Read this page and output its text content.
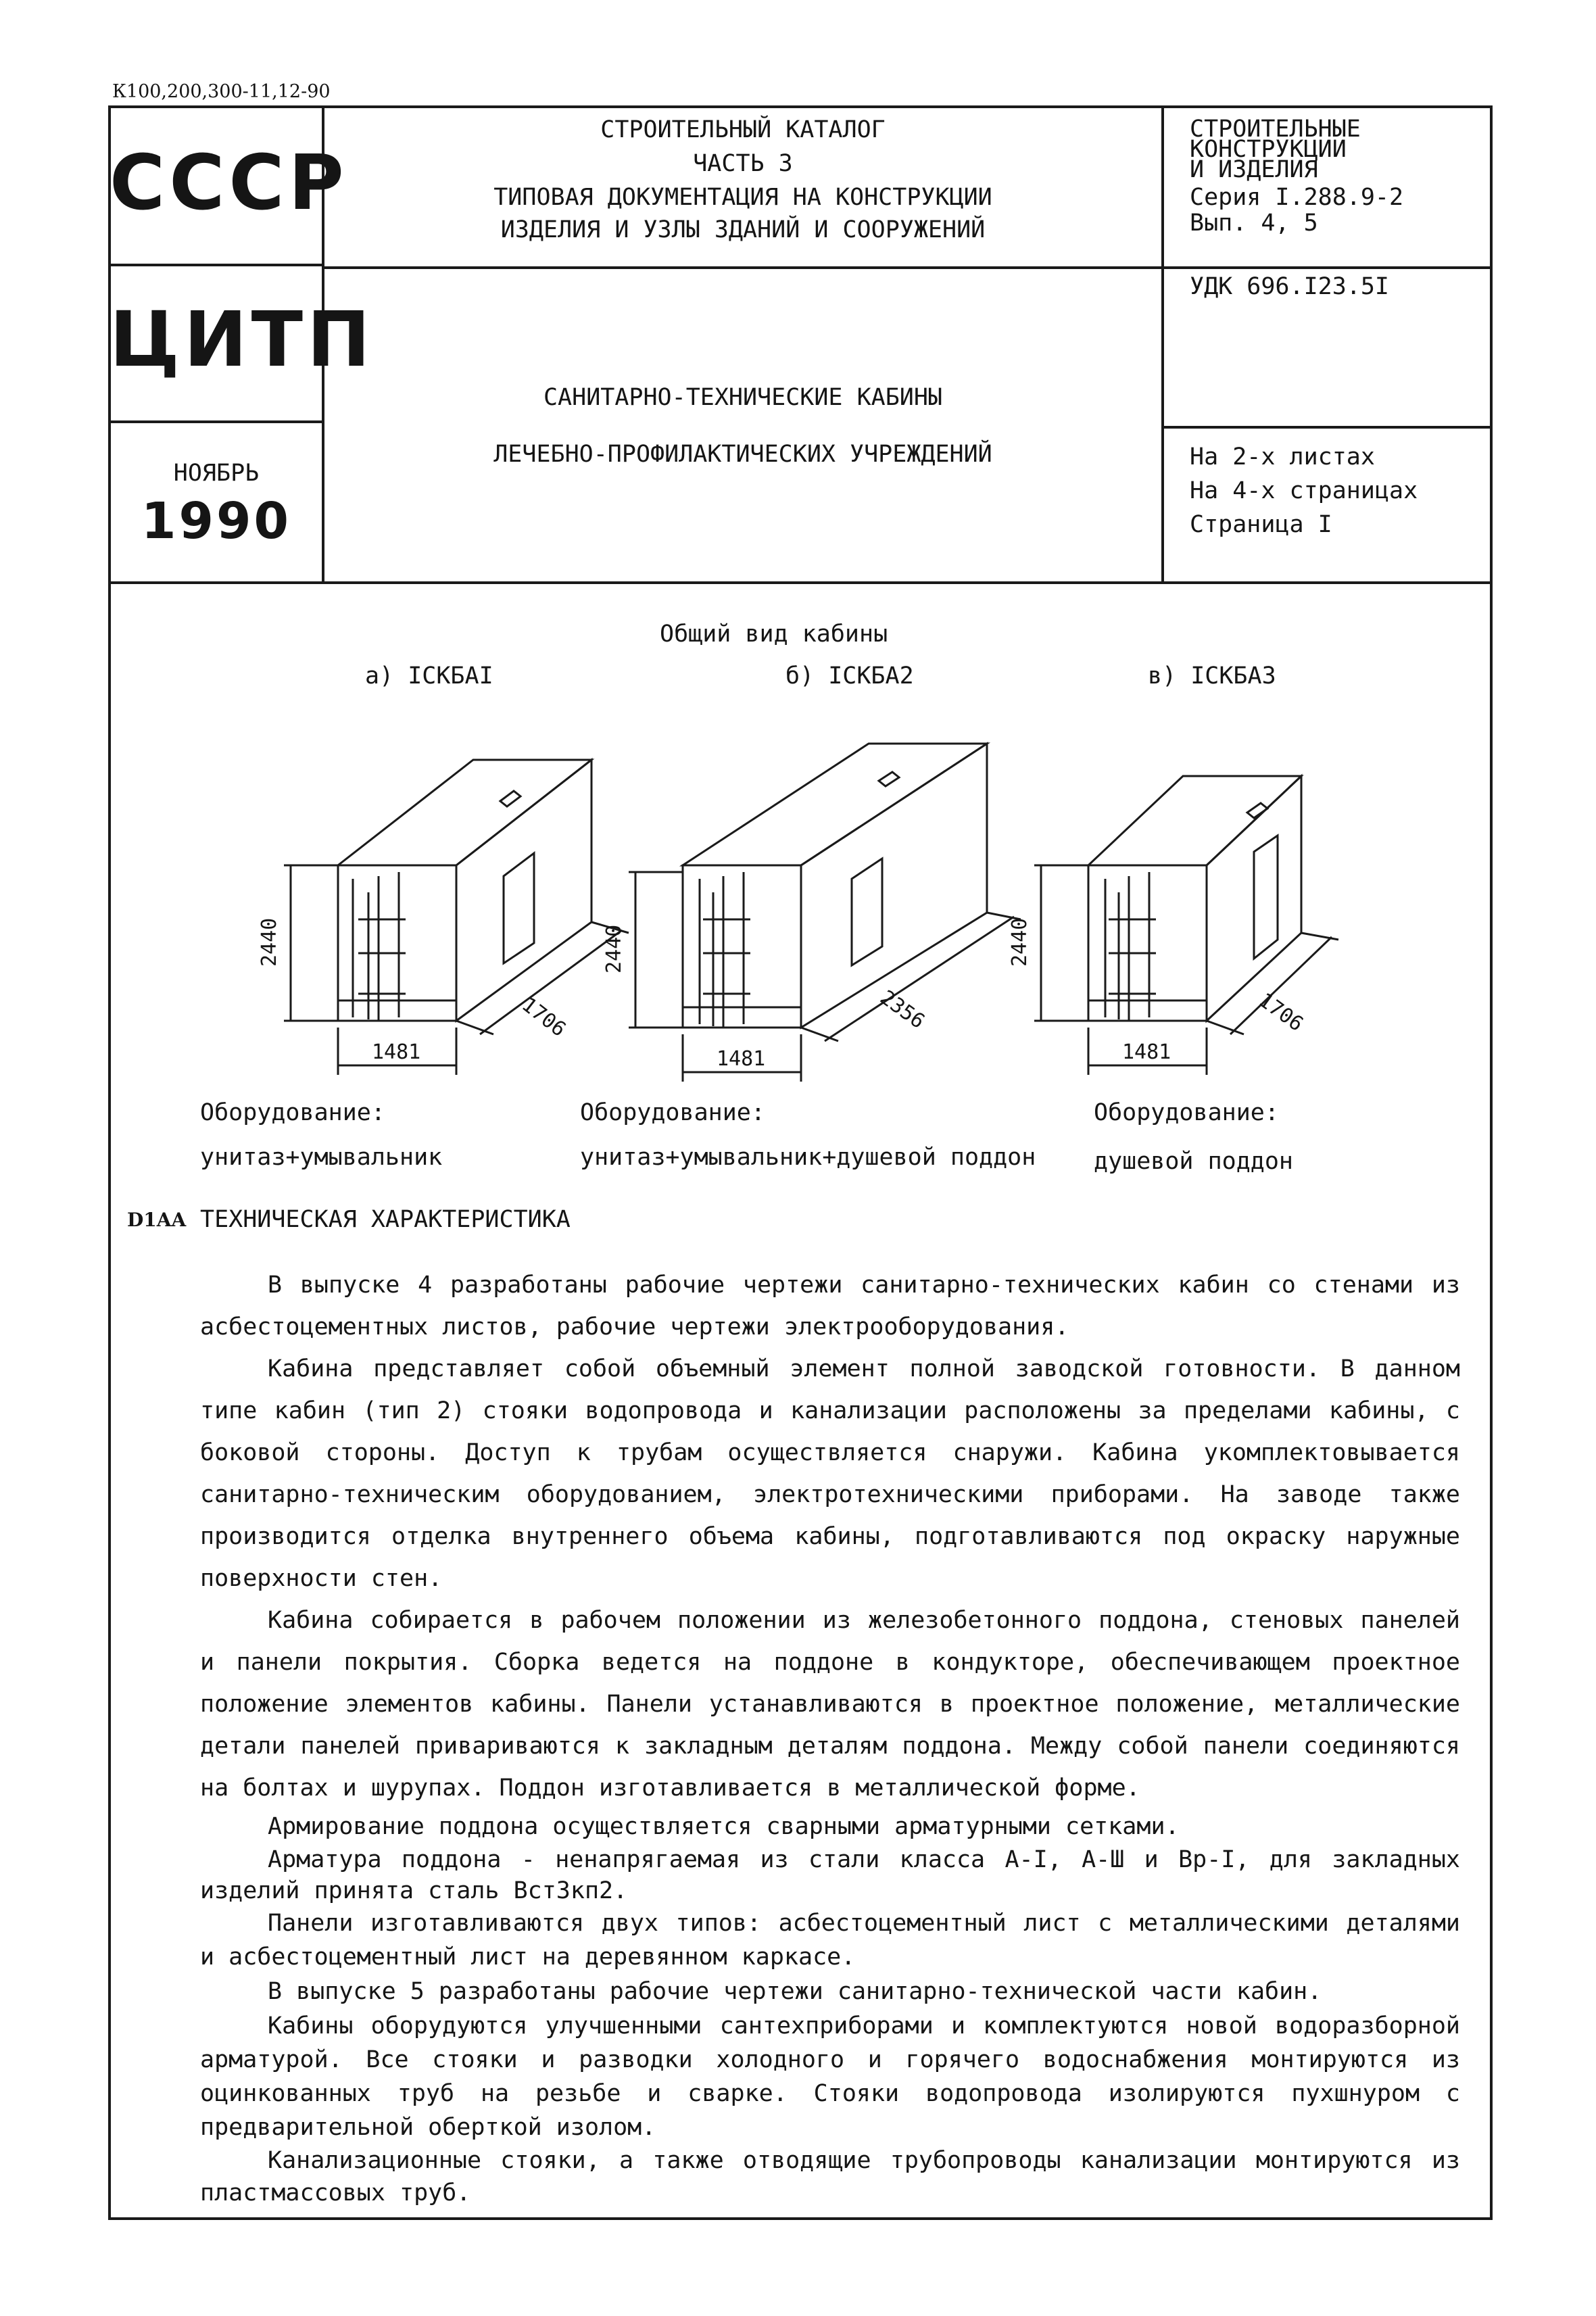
К100,200,300-11,12-90
СССР
ЦИТП
НОЯБРЬ
1990
СТРОИТЕЛЬНЫЙ КАТАЛОГ
ЧАСТЬ 3
ТИПОВАЯ ДОКУМЕНТАЦИЯ НА КОНСТРУКЦИИ
ИЗДЕЛИЯ И УЗЛЫ ЗДАНИЙ И СООРУЖЕНИЙ
САНИТАРНО-ТЕХНИЧЕСКИЕ КАБИНЫ
ЛЕЧЕБНО-ПРОФИЛАКТИЧЕСКИХ УЧРЕЖДЕНИЙ
СТРОИТЕЛЬНЫЕ
КОНСТРУКЦИИ
И ИЗДЕЛИЯ
Серия I.288.9-2
Вып. 4, 5
УДК 696.I23.5I
На 2-х листах
На 4-х страницах
Страница I
Общий вид кабины
а) ICKБAI	б) ICKБA2	в) ICKБA3
2440
1481
1706
2440
1481
2356
2440
1481
1706
Оборудование:
унитаз+умывальник
Оборудование:
унитаз+умывальник+душевой поддон
Оборудование:
душевой поддон
D1AA ТЕХНИЧЕСКАЯ ХАРАКТЕРИСТИКА

В выпуске 4 разработаны рабочие чертежи санитарно-технических кабин со стенами из асбестоцементных листов, рабочие чертежи электрооборудования.

Кабина представляет собой объемный элемент полной заводской готовности. В данном типе кабин (тип 2) стояки водопровода и канализации расположены за пределами кабины, с боковой стороны. Доступ к трубам осуществляется снаружи. Кабина укомплектовывается санитарно-техническим оборудованием, электротехническими приборами. На заводе также производится отделка внутреннего объема кабины, подготавливаются под окраску наружные поверхности стен.

Кабина собирается в рабочем положении из железобетонного поддона, стеновых панелей и панели покрытия. Сборка ведется на поддоне в кондукторе, обеспечивающем проектное положение элементов кабины. Панели устанавливаются в проектное положение, металлические детали панелей привариваются к закладным деталям поддона. Между собой панели соединяются на болтах и шурупах. Поддон изготавливается в металлической форме.

Армирование поддона осуществляется сварными арматурными сетками.

Арматура поддона - ненапрягаемая из стали класса А-I, А-Ш и Вр-I, для закладных изделий принята сталь ВстЗкп2.

Панели изготавливаются двух типов: асбестоцементный лист с металлическими деталями и асбестоцементный лист на деревянном каркасе.

В выпуске 5 разработаны рабочие чертежи санитарно-технической части кабин.

Кабины оборудуются улучшенными сантехприборами и комплектуются новой водоразборной арматурой. Все стояки и разводки холодного и горячего водоснабжения монтируются из оцинкованных труб на резьбе и сварке. Стояки водопровода изолируются пухшнуром с предварительной оберткой изолом.

Канализационные стояки, а также отводящие трубопроводы канализации монтируются из пластмассовых труб.
